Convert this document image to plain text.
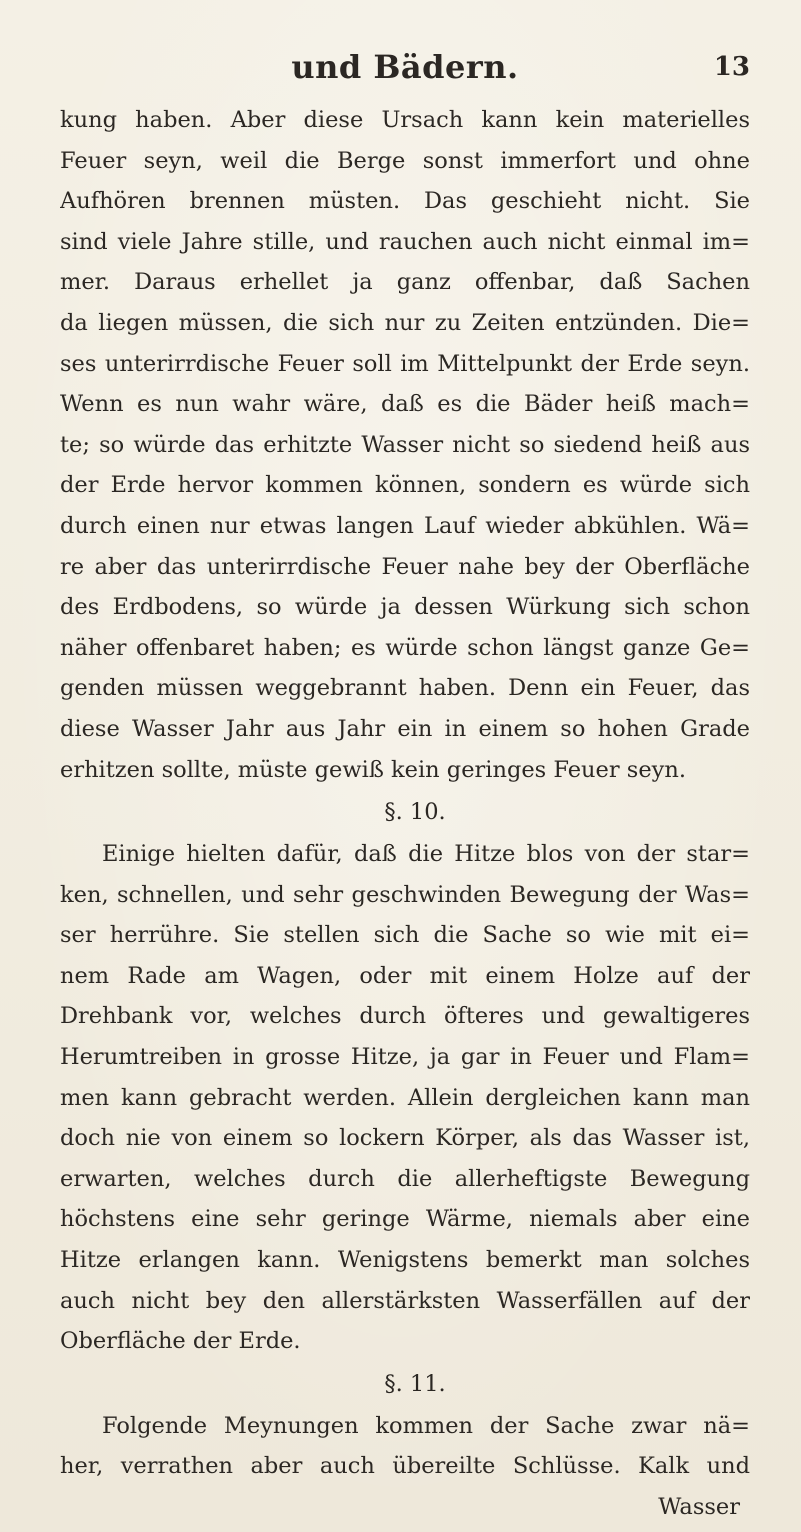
und Bädern.	13
kung haben. Aber diese Ursach kann kein materielles
Feuer seyn, weil die Berge sonst immerfort und ohne
Aufhören brennen müsten. Das geschieht nicht. Sie
sind viele Jahre stille, und rauchen auch nicht einmal im=
mer. Daraus erhellet ja ganz offenbar, daß Sachen
da liegen müssen, die sich nur zu Zeiten entzünden. Die=
ses unterirrdische Feuer soll im Mittelpunkt der Erde seyn.
Wenn es nun wahr wäre, daß es die Bäder heiß mach=
te; so würde das erhitzte Wasser nicht so siedend heiß aus
der Erde hervor kommen können, sondern es würde sich
durch einen nur etwas langen Lauf wieder abkühlen. Wä=
re aber das unterirrdische Feuer nahe bey der Oberfläche
des Erdbodens, so würde ja dessen Würkung sich schon
näher offenbaret haben; es würde schon längst ganze Ge=
genden müssen weggebrannt haben. Denn ein Feuer, das
diese Wasser Jahr aus Jahr ein in einem so hohen Grade
erhitzen sollte, müste gewiß kein geringes Feuer seyn.
§. 10.
Einige hielten dafür, daß die Hitze blos von der star=
ken, schnellen, und sehr geschwinden Bewegung der Was=
ser herrühre. Sie stellen sich die Sache so wie mit ei=
nem Rade am Wagen, oder mit einem Holze auf der
Drehbank vor, welches durch öfteres und gewaltigeres
Herumtreiben in grosse Hitze, ja gar in Feuer und Flam=
men kann gebracht werden. Allein dergleichen kann man
doch nie von einem so lockern Körper, als das Wasser ist,
erwarten, welches durch die allerheftigste Bewegung
höchstens eine sehr geringe Wärme, niemals aber eine
Hitze erlangen kann. Wenigstens bemerkt man solches
auch nicht bey den allerstärksten Wasserfällen auf der
Oberfläche der Erde.
§. 11.
Folgende Meynungen kommen der Sache zwar nä=
her, verrathen aber auch übereilte Schlüsse. Kalk und
Wasser
